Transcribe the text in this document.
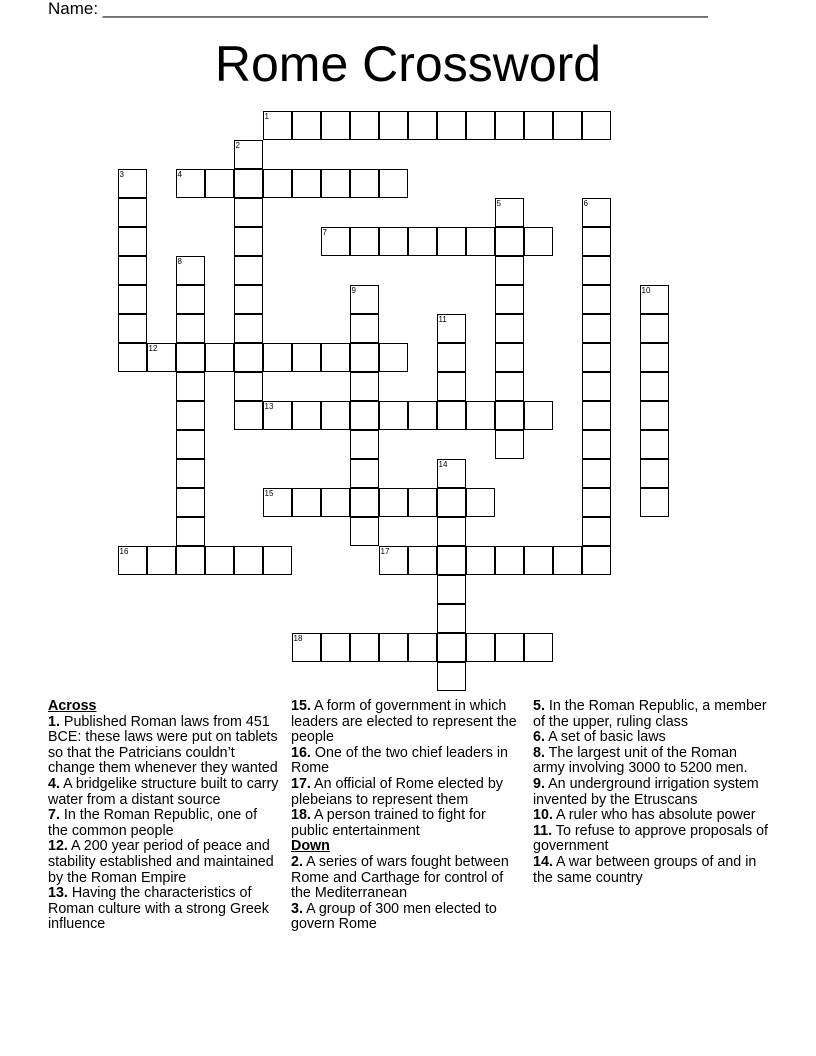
Name: ________________________________________________________________
Rome Crossword
1
2
3	4
5	6
7
8
9	10
11
12
13
14
15
16	17
18

Across

1. Published Roman laws from 451 BCE: these laws were put on tablets so that the Patricians couldn’t change them whenever they wanted

4. A bridgelike structure built to carry water from a distant source

7. In the Roman Republic, one of the common people

12. A 200 year period of peace and stability established and maintained by the Roman Empire

13. Having the characteristics of Roman culture with a strong Greek influence

15. A form of government in which leaders are elected to represent the people

16. One of the two chief leaders in Rome

17. An official of Rome elected by plebeians to represent them

18. A person trained to fight for public entertainment

Down

2. A series of wars fought between Rome and Carthage for control of the Mediterranean

3. A group of 300 men elected to govern Rome

5. In the Roman Republic, a member of the upper, ruling class

6. A set of basic laws

8. The largest unit of the Roman army involving 3000 to 5200 men.

9. An underground irrigation system invented by the Etruscans

10. A ruler who has absolute power

11. To refuse to approve proposals of government

14. A war between groups of and in the same country
